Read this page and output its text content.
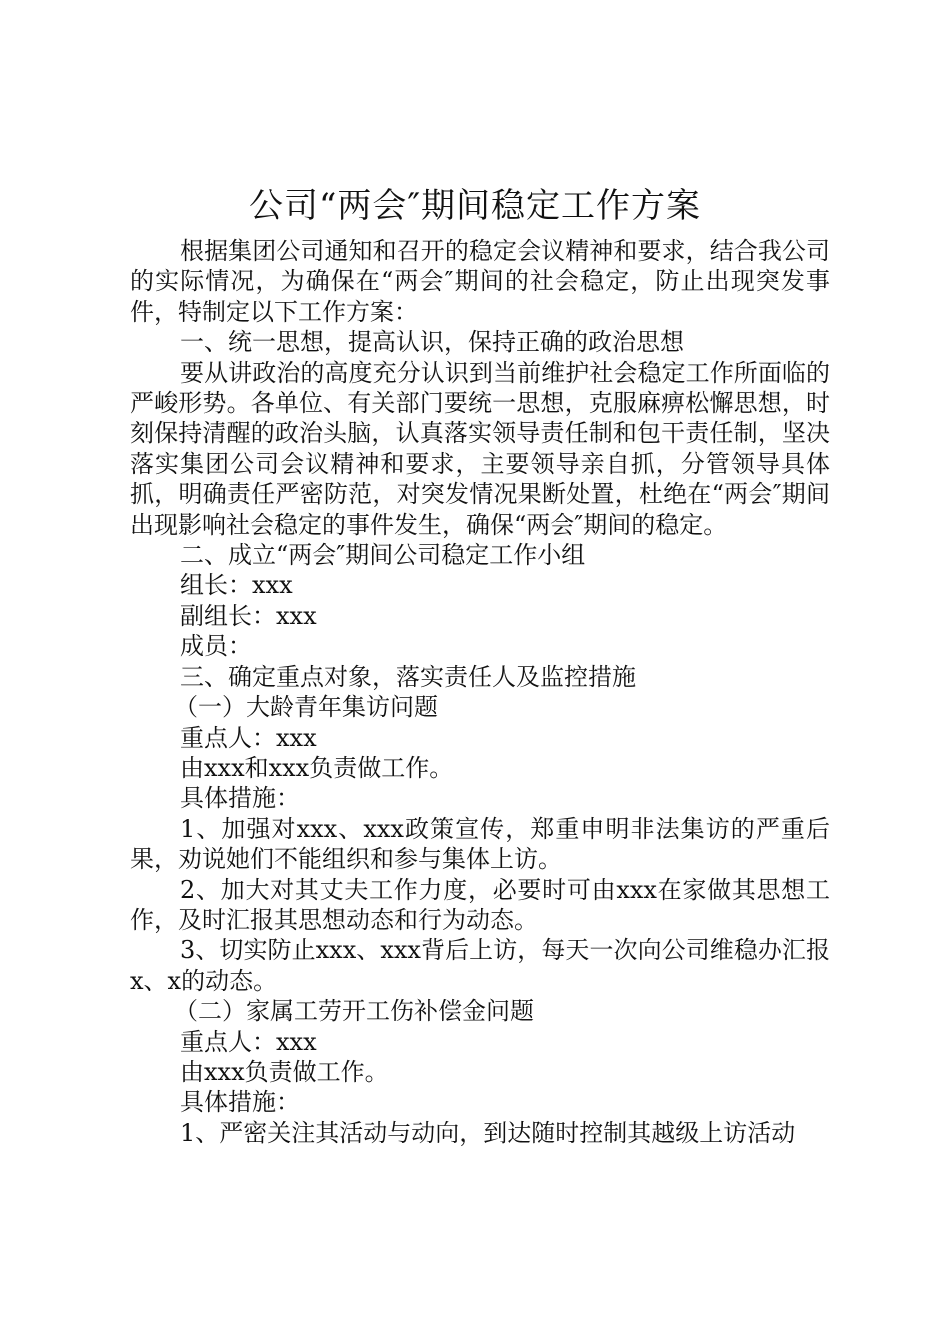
公司“两会″期间稳定工作方案

根据集团公司通知和召开的稳定会议精神和要求，结合我公司的实际情况，为确保在“两会″期间的社会稳定，防止出现突发事件，特制定以下工作方案：

一、统一思想，提高认识，保持正确的政治思想

要从讲政治的高度充分认识到当前维护社会稳定工作所面临的严峻形势。各单位、有关部门要统一思想，克服麻痹松懈思想，时刻保持清醒的政治头脑，认真落实领导责任制和包干责任制，坚决落实集团公司会议精神和要求，主要领导亲自抓，分管领导具体抓，明确责任严密防范，对突发情况果断处置，杜绝在“两会″期间出现影响社会稳定的事件发生，确保“两会″期间的稳定。

二、成立“两会″期间公司稳定工作小组

组长：xxx

副组长：xxx

成员：

三、确定重点对象，落实责任人及监控措施

（一）大龄青年集访问题

重点人：xxx

由xxx和xxx负责做工作。

具体措施：

1、加强对xxx、xxx政策宣传，郑重申明非法集访的严重后果，劝说她们不能组织和参与集体上访。

2、加大对其丈夫工作力度，必要时可由xxx在家做其思想工作，及时汇报其思想动态和行为动态。

3、切实防止xxx、xxx背后上访，每天一次向公司维稳办汇报x、x的动态。

（二）家属工劳开工伤补偿金问题

重点人：xxx

由xxx负责做工作。

具体措施：

1、严密关注其活动与动向，到达随时控制其越级上访活动
